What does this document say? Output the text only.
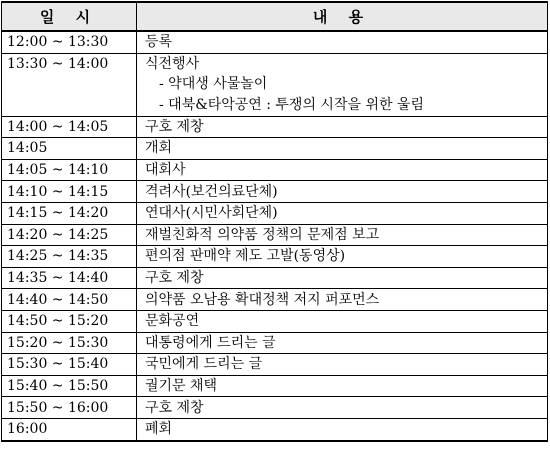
일 시	내 용
12:00 ~ 13:30	등록

13:30 ~ 14:00	식전행사
- 약대생 사물놀이
- 대북&타악공연 : 투쟁의 시작을 위한 울림

14:00 ~ 14:05	구호 제창
14:05	개회
14:05 ~ 14:10	대회사
14:10 ~ 14:15	격려사(보건의료단체)
14:15 ~ 14:20	연대사(시민사회단체)
14:20 ~ 14:25	재벌친화적 의약품 정책의 문제점 보고
14:25 ~ 14:35	편의점 판매약 제도 고발(동영상)
14:35 ~ 14:40	구호 제창
14:40 ~ 14:50	의약품 오남용 확대정책 저지 퍼포먼스
14:50 ~ 15:20	문화공연
15:20 ~ 15:30	대통령에게 드리는 글
15:30 ~ 15:40	국민에게 드리는 글
15:40 ~ 15:50	궐기문 채택
15:50 ~ 16:00	구호 제창
16:00	폐회
